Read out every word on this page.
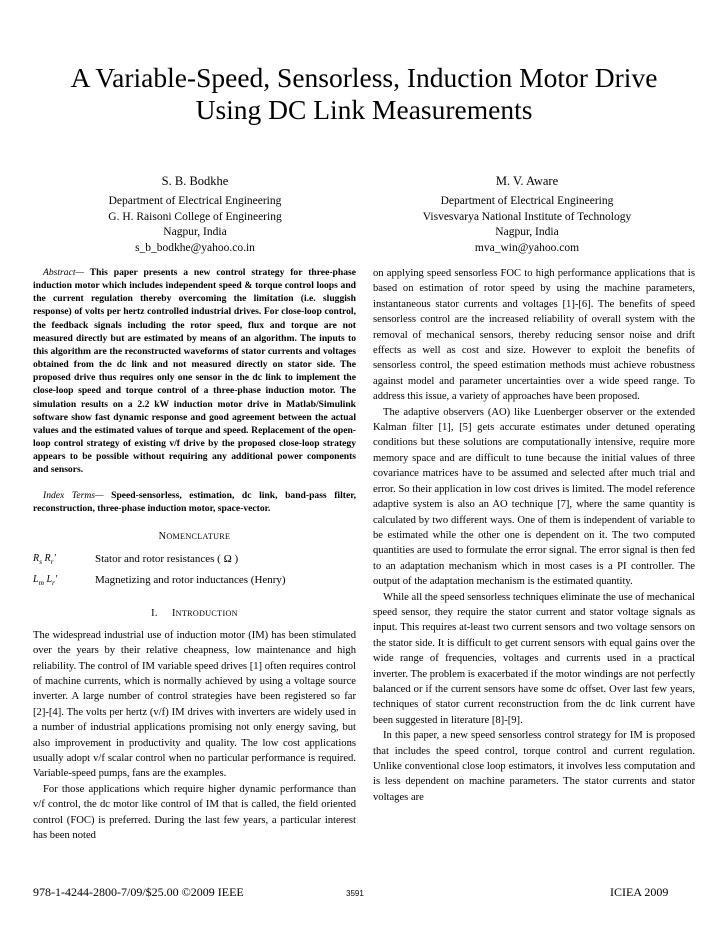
A Variable-Speed, Sensorless, Induction Motor Drive
Using DC Link Measurements
S. B. Bodkhe
Department of Electrical Engineering
G. H. Raisoni College of Engineering
Nagpur, India
s_b_bodkhe@yahoo.co.in
M. V. Aware
Department of Electrical Engineering
Visvesvarya National Institute of Technology
Nagpur, India
mva_win@yahoo.com

Abstract— This paper presents a new control strategy for three-phase induction motor which includes independent speed & torque control loops and the current regulation thereby overcoming the limitation (i.e. sluggish response) of volts per hertz controlled industrial drives. For close-loop control, the feedback signals including the rotor speed, flux and torque are not measured directly but are estimated by means of an algorithm. The inputs to this algorithm are the reconstructed waveforms of stator currents and voltages obtained from the dc link and not measured directly on stator side. The proposed drive thus requires only one sensor in the dc link to implement the close-loop speed and torque control of a three-phase induction motor. The simulation results on a 2.2 kW induction motor drive in Matlab/Simulink software show fast dynamic response and good agreement between the actual values and the estimated values of torque and speed. Replacement of the open-loop control strategy of existing v/f drive by the proposed close-loop strategy appears to be possible without requiring any additional power components and sensors.

Index Terms— Speed-sensorless, estimation, dc link, band-pass filter, reconstruction, three-phase induction motor, space-vector.

NOMENCLATURE

$R_s$ $R_r'$	Stator and rotor resistances ( Ω )
$L_m$ $L_r'$	Magnetizing and rotor inductances (Henry)

I. INTRODUCTION

The widespread industrial use of induction motor (IM) has been stimulated over the years by their relative cheapness, low maintenance and high reliability. The control of IM variable speed drives [1] often requires control of machine currents, which is normally achieved by using a voltage source inverter. A large number of control strategies have been registered so far [2]-[4]. The volts per hertz (v/f) IM drives with inverters are widely used in a number of industrial applications promising not only energy saving, but also improvement in productivity and quality. The low cost applications usually adopt v/f scalar control when no particular performance is required. Variable-speed pumps, fans are the examples.

For those applications which require higher dynamic performance than v/f control, the dc motor like control of IM that is called, the field oriented control (FOC) is preferred. During the last few years, a particular interest has been noted

on applying speed sensorless FOC to high performance applications that is based on estimation of rotor speed by using the machine parameters, instantaneous stator currents and voltages [1]-[6]. The benefits of speed sensorless control are the increased reliability of overall system with the removal of mechanical sensors, thereby reducing sensor noise and drift effects as well as cost and size. However to exploit the benefits of sensorless control, the speed estimation methods must achieve robustness against model and parameter uncertainties over a wide speed range. To address this issue, a variety of approaches have been proposed.

The adaptive observers (AO) like Luenberger observer or the extended Kalman filter [1], [5] gets accurate estimates under detuned operating conditions but these solutions are computationally intensive, require more memory space and are difficult to tune because the initial values of three covariance matrices have to be assumed and selected after much trial and error. So their application in low cost drives is limited. The model reference adaptive system is also an AO technique [7], where the same quantity is calculated by two different ways. One of them is independent of variable to be estimated while the other one is dependent on it. The two computed quantities are used to formulate the error signal. The error signal is then fed to an adaptation mechanism which in most cases is a PI controller. The output of the adaptation mechanism is the estimated quantity.

While all the speed sensorless techniques eliminate the use of mechanical speed sensor, they require the stator current and stator voltage signals as input. This requires at-least two current sensors and two voltage sensors on the stator side. It is difficult to get current sensors with equal gains over the wide range of frequencies, voltages and currents used in a practical inverter. The problem is exacerbated if the motor windings are not perfectly balanced or if the current sensors have some dc offset. Over last few years, techniques of stator current reconstruction from the dc link current have been suggested in literature [8]-[9].

In this paper, a new speed sensorless control strategy for IM is proposed that includes the speed control, torque control and current regulation. Unlike conventional close loop estimators, it involves less computation and is less dependent on machine parameters. The stator currents and stator voltages are

978-1-4244-2800-7/09/$25.00 ©2009 IEEE	3591	ICIEA 2009
